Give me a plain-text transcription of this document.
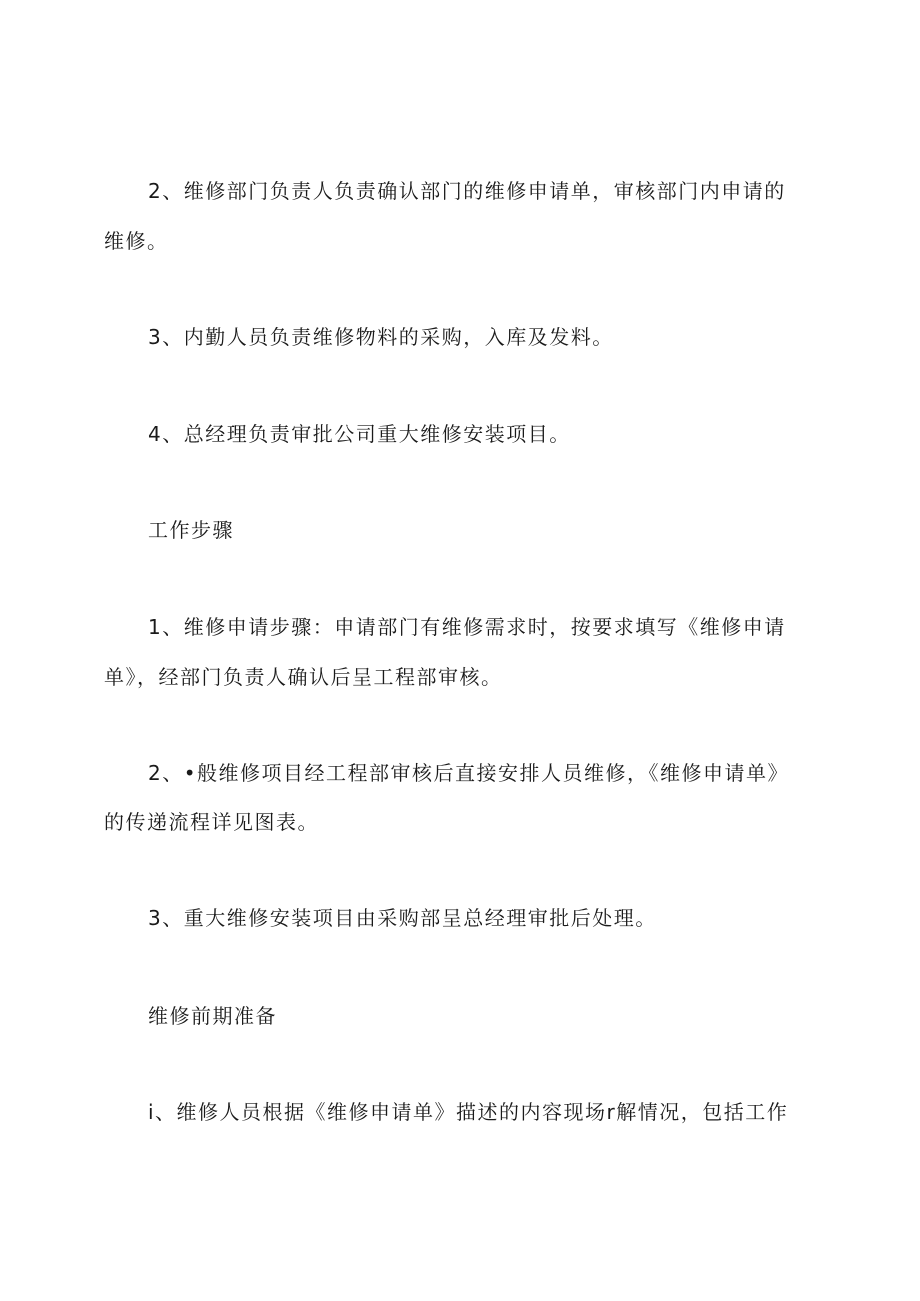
2、维修部门负责人负责确认部门的维修申请单，审核部门内申请的
维修。
3、内勤人员负责维修物料的采购，入库及发料。
4、总经理负责审批公司重大维修安装项目。
工作步骤
1、维修申请步骤：申请部门有维修需求时，按要求填写《维修申请
单》，经部门负责人确认后呈工程部审核。
2、•般维修项目经工程部审核后直接安排人员维修，《维修申请单》
的传递流程详见图表。
3、重大维修安装项目由采购部呈总经理审批后处理。
维修前期准备
i、维修人员根据《维修申请单》描述的内容现场r解情况，包括工作
